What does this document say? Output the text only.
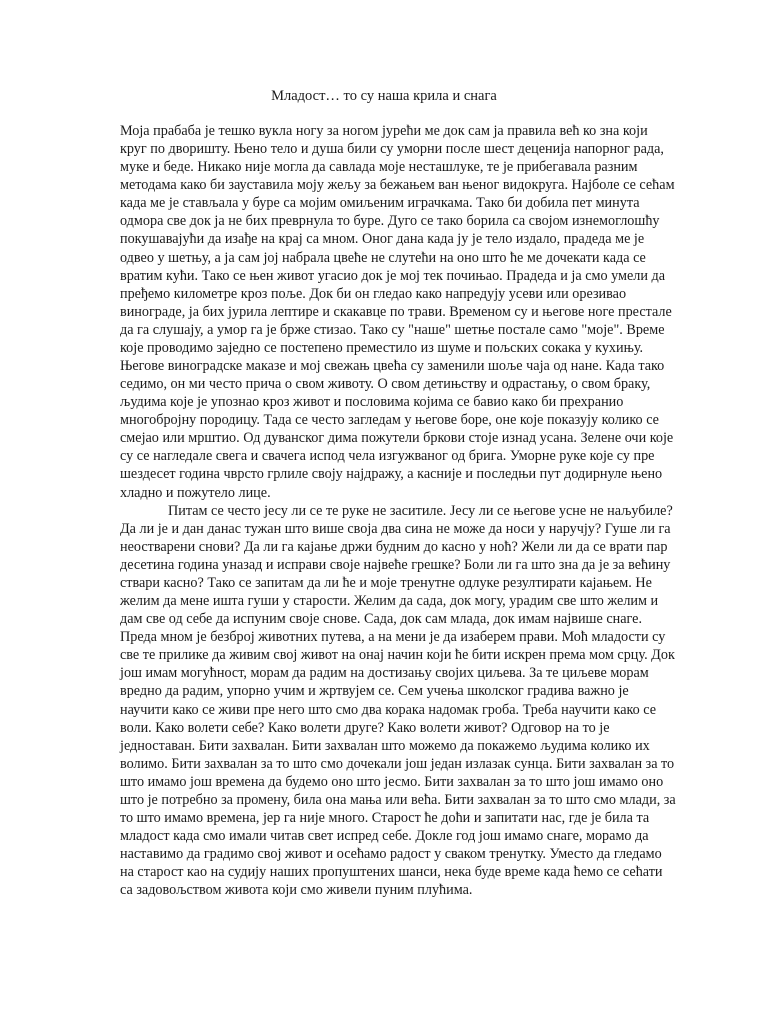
Младост… то су наша крила и снага

Моја прабаба је тешко вукла ногу за ногом јурећи ме док сам ја правила већ ко зна који круг по дворишту. Њено тело и душа били су уморни после шест деценија напорног рада, муке и беде. Никако није могла да савлада моје несташлуке, те је прибегавала разним методама како би зауставила моју жељу за бежањем ван њеног видокруга. Најболе се сећам када ме је стављала у буре са мојим омиљеним играчкама. Тако би добила пет минута одмора све док ја не бих преврнула то буре. Дуго се тако борила са својом изнемоглошћу покушавајући да изађе на крај са мном. Оног дана када ју је тело издало, прадеда ме је одвео у шетњу, а ја сам јој набрала цвеће не слутећи на оно што ће ме дочекати када се вратим кући. Тако се њен живот угасио док је мој тек почињао. Прадеда и ја смо умели да пређемо километре кроз поље. Док би он гледао како напредују усеви или орезивао винограде, ја бих јурила лептире и скакавце по трави. Временом су и његове ноге престале да га слушају, а умор га је брже стизао. Тако су "наше" шетње постале само "моје". Време које проводимо заједно се постепено преместило из шуме и пољских сокака у кухињу. Његове виноградске маказе и мој свежањ цвећа су заменили шоље чаја од нане. Када тако седимо, он ми често прича о свом животу. О свом детињству и одрастању, о свом браку, људима које је упознао кроз живот и пословима којима се бавио како би прехранио многобројну породицу. Тада се често загледам у његове боре, оне које показују колико се смејао или мрштио. Од дуванског дима пожутели бркови стоје изнад усана. Зелене очи које су се нагледале свега и свачега испод чела изгужваног од брига. Уморне руке које су пре шездесет година чврсто грлиле своју најдражу, а касније и последњи пут додирнуле њено хладно и пожутело лице.

Питам се често јесу ли се те руке не заситиле. Јесу ли се његове усне не наљубиле? Да ли је и дан данас тужан што више своја два сина не може да носи у наручју? Гуше ли га неостварени снови? Да ли га кајање држи будним до касно у ноћ? Жели ли да се врати пар десетина година уназад и исправи своје највеће грешке? Боли ли га што зна да је за већину ствари касно? Тако се запитам да ли ће и моје тренутне одлуке резултирати кајањем. Не желим да мене ишта гуши у старости. Желим да сада, док могу, урадим све што желим и дам све од себе да испуним своје снове. Сада, док сам млада, док имам највише снаге. Преда мном је безброј животних путева, а на мени је да изаберем прави. Моћ младости су све те прилике да живим свој живот на онај начин који ће бити искрен према мом срцу. Док још имам могућност, морам да радим на достизању својих циљева. За те циљеве морам вредно да радим, упорно учим и жртвујем се. Сем учења школског градива важно је научити како се живи пре него што смо два корака надомак гроба. Треба научити како се воли. Како волети себе? Како волети друге? Како волети живот? Одговор на то је једноставан. Бити захвалан. Бити захвалан што можемо да покажемо људима колико их волимо. Бити захвалан за то што смо дочекали још један излазак сунца. Бити захвалан за то што имамо још времена да будемо оно што јесмо. Бити захвалан за то што још имамо оно што је потребно за промену, била она мања или већа. Бити захвалан за то што смо млади, за то што имамо времена, јер га није много. Старост ће доћи и запитати нас, где је била та младост када смо имали читав свет испред себе. Докле год још имамо снаге, морамо да наставимо да градимо свој живот и осећамо радост у сваком тренутку. Уместо да гледамо на старост као на судију наших пропуштених шанси, нека буде време када ћемо се сећати са задовољством живота који смо живели пуним плућима.
